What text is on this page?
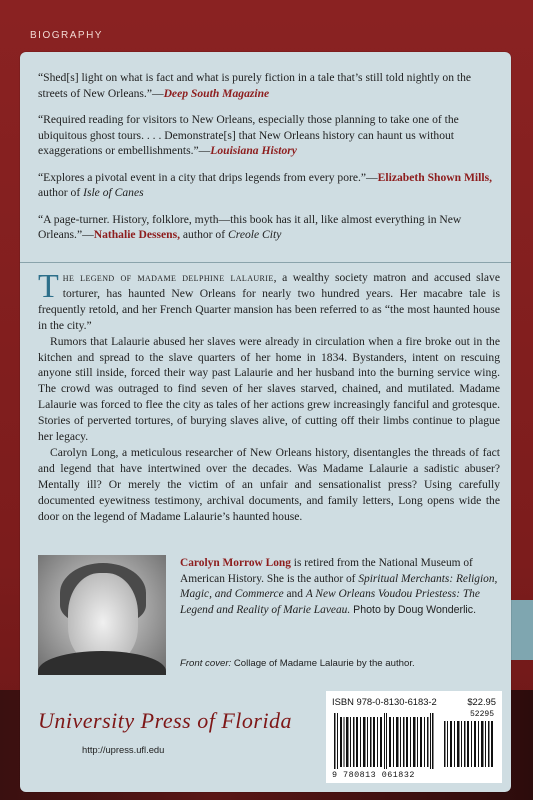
BIOGRAPHY

“Shed[s] light on what is fact and what is purely fiction in a tale that’s still told nightly on the streets of New Orleans.”—Deep South Magazine

“Required reading for visitors to New Orleans, especially those planning to take one of the ubiquitous ghost tours. . . . Demonstrate[s] that New Orleans history can haunt us without exaggerations or embellishments.”—Louisiana History

“Explores a pivotal event in a city that drips legends from every pore.”—Elizabeth Shown Mills, author of Isle of Canes

“A page-turner. History, folklore, myth—this book has it all, like almost everything in New Orleans.”—Nathalie Dessens, author of Creole City

The legend of madame delphine lalaurie, a wealthy society matron and accused slave torturer, has haunted New Orleans for nearly two hundred years. Her macabre tale is frequently retold, and her French Quarter mansion has been referred to as “the most haunted house in the city.”

Rumors that Lalaurie abused her slaves were already in circulation when a fire broke out in the kitchen and spread to the slave quarters of her home in 1834. Bystanders, intent on rescuing anyone still inside, forced their way past Lalaurie and her husband into the burning service wing. The crowd was outraged to find seven of her slaves starved, chained, and mutilated. Madame Lalaurie was forced to flee the city as tales of her actions grew increasingly fanciful and grotesque. Stories of perverted tortures, of burying slaves alive, of cutting off their limbs continue to plague her legacy.

Carolyn Long, a meticulous researcher of New Orleans history, disentangles the threads of fact and legend that have intertwined over the decades. Was Madame Lalaurie a sadistic abuser? Mentally ill? Or merely the victim of an unfair and sensationalist press? Using carefully documented eyewitness testimony, archival documents, and family letters, Long opens wide the door on the legend of Madame Lalaurie’s haunted house.

Carolyn Morrow Long is retired from the National Museum of American History. She is the author of Spiritual Merchants: Religion, Magic, and Commerce and A New Orleans Voudou Priestess: The Legend and Reality of Marie Laveau. Photo by Doug Wonderlic.
Front cover: Collage of Madame Lalaurie by the author.
University Press of Florida
http://upress.ufl.edu
ISBN 978-0-8130-6183-2	$22.95
52295
9 780813 061832
